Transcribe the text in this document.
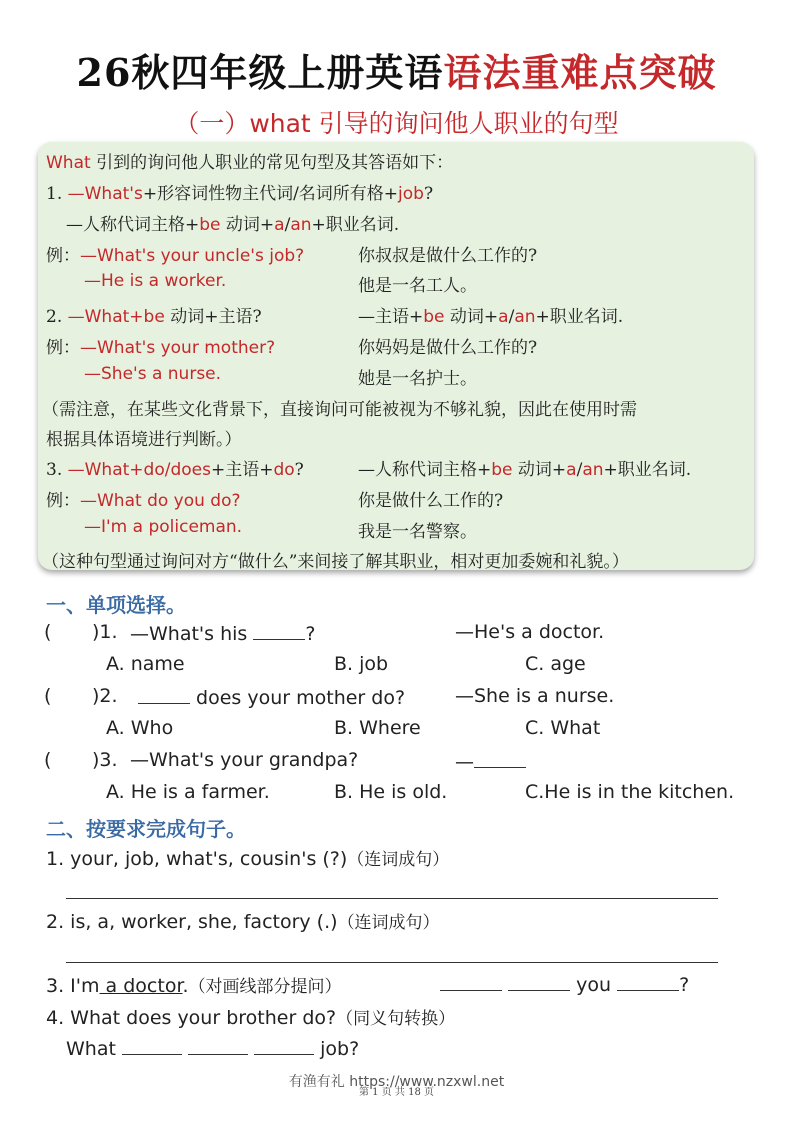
26秋四年级上册英语语法重难点突破
（一）what 引导的询问他人职业的句型
What 引到的询问他人职业的常见句型及其答语如下：
1. —What's+形容词性物主代词/名词所有格+job?
—人称代词主格+be 动词+a/an+职业名词.
例：—What's your uncle's job?	你叔叔是做什么工作的?
—He is a worker.	他是一名工人。
2. —What+be 动词+主语?	—主语+be 动词+a/an+职业名词.
例：—What's your mother?	你妈妈是做什么工作的?
—She's a nurse.	她是一名护士。
（需注意，在某些文化背景下，直接询问可能被视为不够礼貌，因此在使用时需
根据具体语境进行判断。）
3. —What+do/does+主语+do?	—人称代词主格+be 动词+a/an+职业名词.
例：—What do you do?	你是做什么工作的?
—I'm a policeman.	我是一名警察。
（这种句型通过询问对方“做什么”来间接了解其职业，相对更加委婉和礼貌。）
一、单项选择。
( )1. —What's his	?	—He's a doctor.
A. name	B. job	C. age
( )2.	does your mother do?	—She is a nurse.
A. Who	B. Where	C. What
( )3. —What's your grandpa?	—
A. He is a farmer.	B. He is old.	C.He is in the kitchen.
二、按要求完成句子。
1. your, job, what's, cousin's (?)（连词成句）
2. is, a, worker, she, factory (.)（连词成句）
3. I'm a doctor.（对画线部分提问）	you	?
4. What does your brother do?（同义句转换）
What	job?
有渔有礼 https://www.nzxwl.net
第 1 页 共 18 页
